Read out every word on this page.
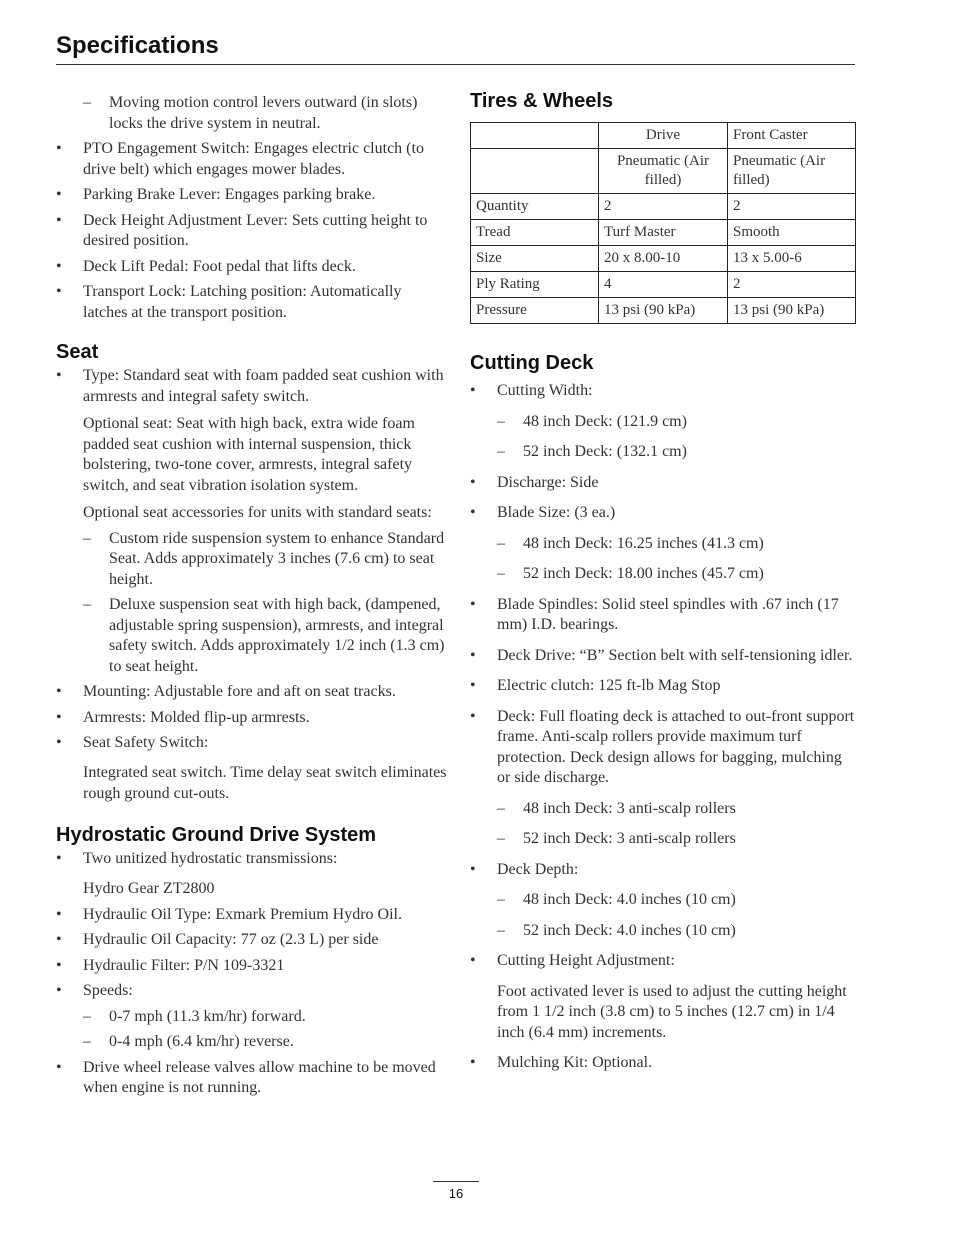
Specifications
– Moving motion control levers outward (in slots) locks the drive system in neutral.
• PTO Engagement Switch: Engages electric clutch (to drive belt) which engages mower blades.
• Parking Brake Lever: Engages parking brake.
• Deck Height Adjustment Lever: Sets cutting height to desired position.
• Deck Lift Pedal: Foot pedal that lifts deck.
• Transport Lock: Latching position: Automatically latches at the transport position.
Seat
• Type: Standard seat with foam padded seat cushion with armrests and integral safety switch.
Optional seat: Seat with high back, extra wide foam padded seat cushion with internal suspension, thick bolstering, two-tone cover, armrests, integral safety switch, and seat vibration isolation system.
Optional seat accessories for units with standard seats:
– Custom ride suspension system to enhance Standard Seat. Adds approximately 3 inches (7.6 cm) to seat height.
– Deluxe suspension seat with high back, (dampened, adjustable spring suspension), armrests, and integral safety switch. Adds approximately 1/2 inch (1.3 cm) to seat height.
• Mounting: Adjustable fore and aft on seat tracks.
• Armrests: Molded flip-up armrests.
• Seat Safety Switch:
Integrated seat switch. Time delay seat switch eliminates rough ground cut-outs.
Hydrostatic Ground Drive System
• Two unitized hydrostatic transmissions:
Hydro Gear ZT2800
• Hydraulic Oil Type: Exmark Premium Hydro Oil.
• Hydraulic Oil Capacity: 77 oz (2.3 L) per side
• Hydraulic Filter: P/N 109-3321
• Speeds:
– 0-7 mph (11.3 km/hr) forward.
– 0-4 mph (6.4 km/hr) reverse.
• Drive wheel release valves allow machine to be moved when engine is not running.
Tires & Wheels
	Drive	Front Caster
	Pneumatic (Air filled)	Pneumatic (Air filled)
Quantity	2	2
Tread	Turf Master	Smooth
Size	20 x 8.00-10	13 x 5.00-6
Ply Rating	4	2
Pressure	13 psi (90 kPa)	13 psi (90 kPa)
Cutting Deck
• Cutting Width:
– 48 inch Deck: (121.9 cm)
– 52 inch Deck: (132.1 cm)
• Discharge: Side
• Blade Size: (3 ea.)
– 48 inch Deck: 16.25 inches (41.3 cm)
– 52 inch Deck: 18.00 inches (45.7 cm)
• Blade Spindles: Solid steel spindles with .67 inch (17 mm) I.D. bearings.
• Deck Drive: “B” Section belt with self-tensioning idler.
• Electric clutch: 125 ft-lb Mag Stop
• Deck: Full floating deck is attached to out-front support frame. Anti-scalp rollers provide maximum turf protection. Deck design allows for bagging, mulching or side discharge.
– 48 inch Deck: 3 anti-scalp rollers
– 52 inch Deck: 3 anti-scalp rollers
• Deck Depth:
– 48 inch Deck: 4.0 inches (10 cm)
– 52 inch Deck: 4.0 inches (10 cm)
• Cutting Height Adjustment:
Foot activated lever is used to adjust the cutting height from 1 1/2 inch (3.8 cm) to 5 inches (12.7 cm) in 1/4 inch (6.4 mm) increments.
• Mulching Kit: Optional.
16
